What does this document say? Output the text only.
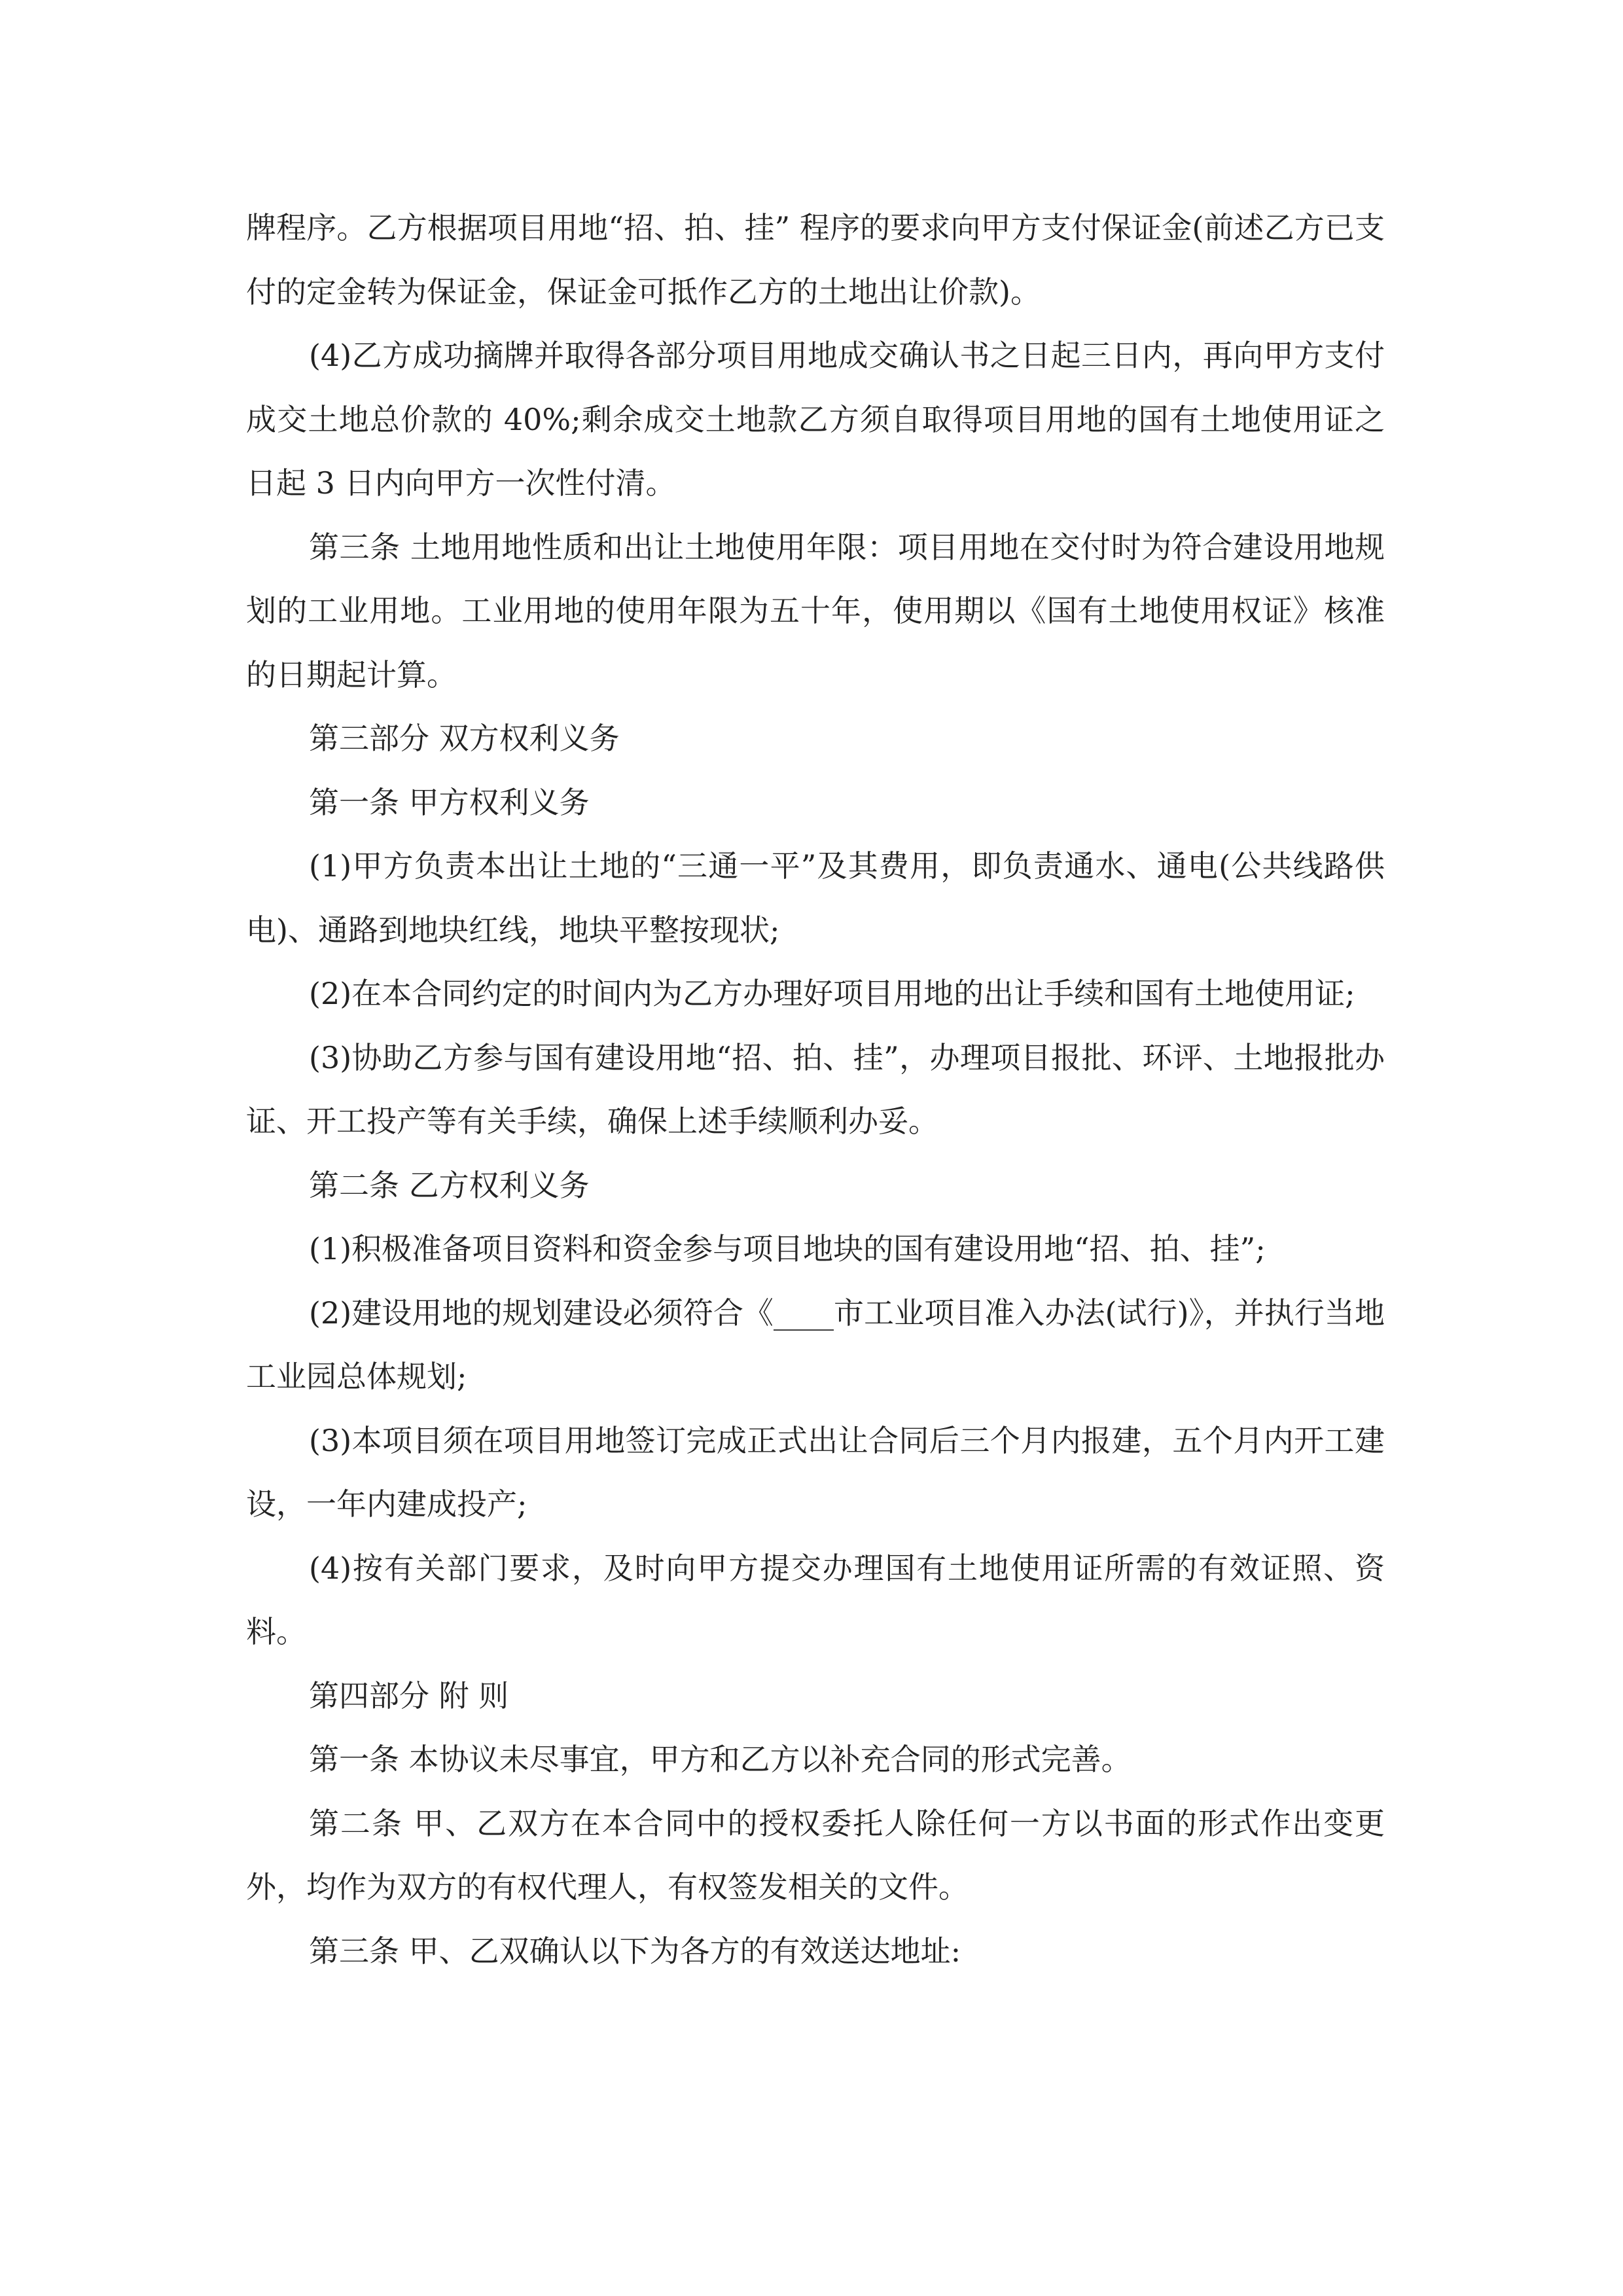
牌程序。乙方根据项目用地“招、拍、挂” 程序的要求向甲方支付保证金(前述乙方已支付的定金转为保证金，保证金可抵作乙方的土地出让价款)。

(4)乙方成功摘牌并取得各部分项目用地成交确认书之日起三日内，再向甲方支付成交土地总价款的 40%;剩余成交土地款乙方须自取得项目用地的国有土地使用证之日起 3 日内向甲方一次性付清。

第三条 土地用地性质和出让土地使用年限：项目用地在交付时为符合建设用地规划的工业用地。工业用地的使用年限为五十年，使用期以《国有土地使用权证》核准的日期起计算。

第三部分 双方权利义务

第一条 甲方权利义务

(1)甲方负责本出让土地的“三通一平”及其费用，即负责通水、通电(公共线路供电)、通路到地块红线，地块平整按现状;

(2)在本合同约定的时间内为乙方办理好项目用地的出让手续和国有土地使用证;

(3)协助乙方参与国有建设用地“招、拍、挂”，办理项目报批、环评、土地报批办证、开工投产等有关手续，确保上述手续顺利办妥。

第二条 乙方权利义务

(1)积极准备项目资料和资金参与项目地块的国有建设用地“招、拍、挂”;

(2)建设用地的规划建设必须符合《____市工业项目准入办法(试行)》，并执行当地工业园总体规划;

(3)本项目须在项目用地签订完成正式出让合同后三个月内报建，五个月内开工建设，一年内建成投产;

(4)按有关部门要求，及时向甲方提交办理国有土地使用证所需的有效证照、资料。

第四部分 附 则

第一条 本协议未尽事宜，甲方和乙方以补充合同的形式完善。

第二条 甲、乙双方在本合同中的授权委托人除任何一方以书面的形式作出变更外，均作为双方的有权代理人，有权签发相关的文件。

第三条 甲、乙双确认以下为各方的有效送达地址:
